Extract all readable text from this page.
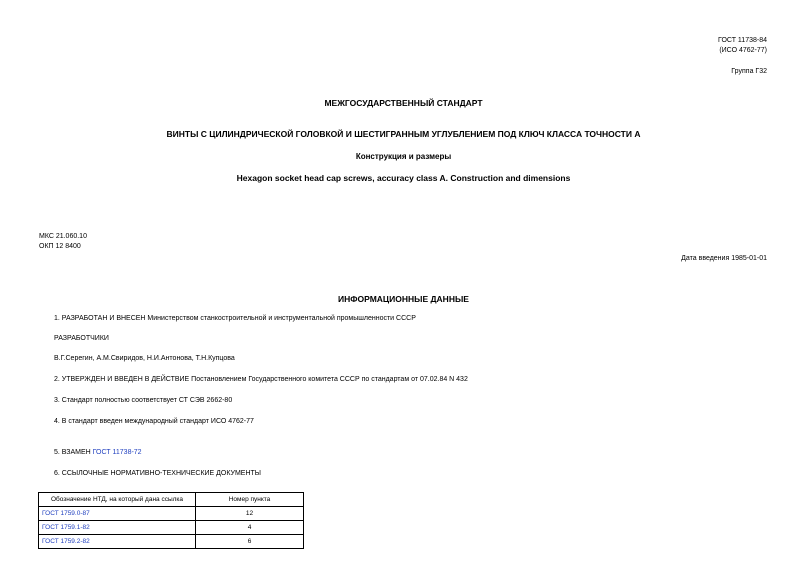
ГОСТ 11738-84
(ИСО 4762-77)
Группа Г32
МЕЖГОСУДАРСТВЕННЫЙ СТАНДАРТ
ВИНТЫ С ЦИЛИНДРИЧЕСКОЙ ГОЛОВКОЙ И ШЕСТИГРАННЫМ УГЛУБЛЕНИЕМ ПОД КЛЮЧ КЛАССА ТОЧНОСТИ А
Конструкция и размеры
Hexagon socket head cap screws, accuracy class A. Construction and dimensions
МКС 21.060.10
ОКП 12 8400
Дата введения 1985-01-01
ИНФОРМАЦИОННЫЕ ДАННЫЕ
1. РАЗРАБОТАН И ВНЕСЕН Министерством станкостроительной и инструментальной промышленности СССР
РАЗРАБОТЧИКИ
В.Г.Серегин, А.М.Свиридов, Н.И.Антонова, Т.Н.Купцова
2. УТВЕРЖДЕН И ВВЕДЕН В ДЕЙСТВИЕ Постановлением Государственного комитета СССР по стандартам от 07.02.84 N 432
3. Стандарт полностью соответствует СТ СЭВ 2662-80
4. В стандарт введен международный стандарт ИСО 4762-77
5. ВЗАМЕН ГОСТ 11738-72
6. ССЫЛОЧНЫЕ НОРМАТИВНО-ТЕХНИЧЕСКИЕ ДОКУМЕНТЫ
Обозначение НТД, на который дана ссылка	Номер пункта
ГОСТ 1759.0-87	12
ГОСТ 1759.1-82	4
ГОСТ 1759.2-82	6
